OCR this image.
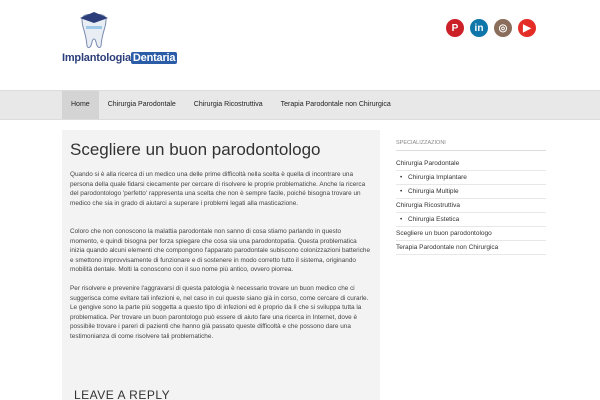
Implantologia Dentaria
P	in	◎	▶
Home	Chirurgia Parodontale	Chirurgia Ricostruttiva	Terapia Parodontale non Chirurgica
Scegliere un buon parodontologo
Quando si è alla ricerca di un medico una delle prime difficoltà nella scelta è quella di incontrare una persona della quale fidarsi ciecamente per cercare di risolvere le proprie problematiche. Anche la ricerca del parodontologo 'perfetto' rappresenta una scelta che non è sempre facile, poiché bisogna trovare un medico che sia in grado di aiutarci a superare i problemi legati alla masticazione.
Coloro che non conoscono la malattia parodontale non sanno di cosa stiamo parlando in questo momento, e quindi bisogna per forza spiegare che cosa sia una parodontopatia. Questa problematica inizia quando alcuni elementi che compongono l'apparato parodontale subiscono colonizzazioni batteriche e smettono improvvisamente di funzionare e di sostenere in modo corretto tutto il sistema, originando mobilità dentale. Molti la conoscono con il suo nome più antico, ovvero piorrea.
Per risolvere e prevenire l'aggravarsi di questa patologia è necessario trovare un buon medico che ci suggerisca come evitare tali infezioni e, nel caso in cui queste siano già in corso, come cercare di curarle. Le gengive sono la parte più soggetta a questo tipo di infezioni ed è proprio da lì che si sviluppa tutta la problematica. Per trovare un buon parontologo può essere di aiuto fare una ricerca in Internet, dove è possibile trovare i pareri di pazienti che hanno già passato queste difficoltà e che possono dare una testimonianza di come risolvere tali problematiche.
LEAVE A REPLY
SPECIALIZZAZIONI
Chirurgia Parodontale
• Chirurgia Implantare
• Chirurgia Multiple
Chirurgia Ricostruttiva
• Chirurgia Estetica
Scegliere un buon parodontologo
Terapia Parodontale non Chirurgica
